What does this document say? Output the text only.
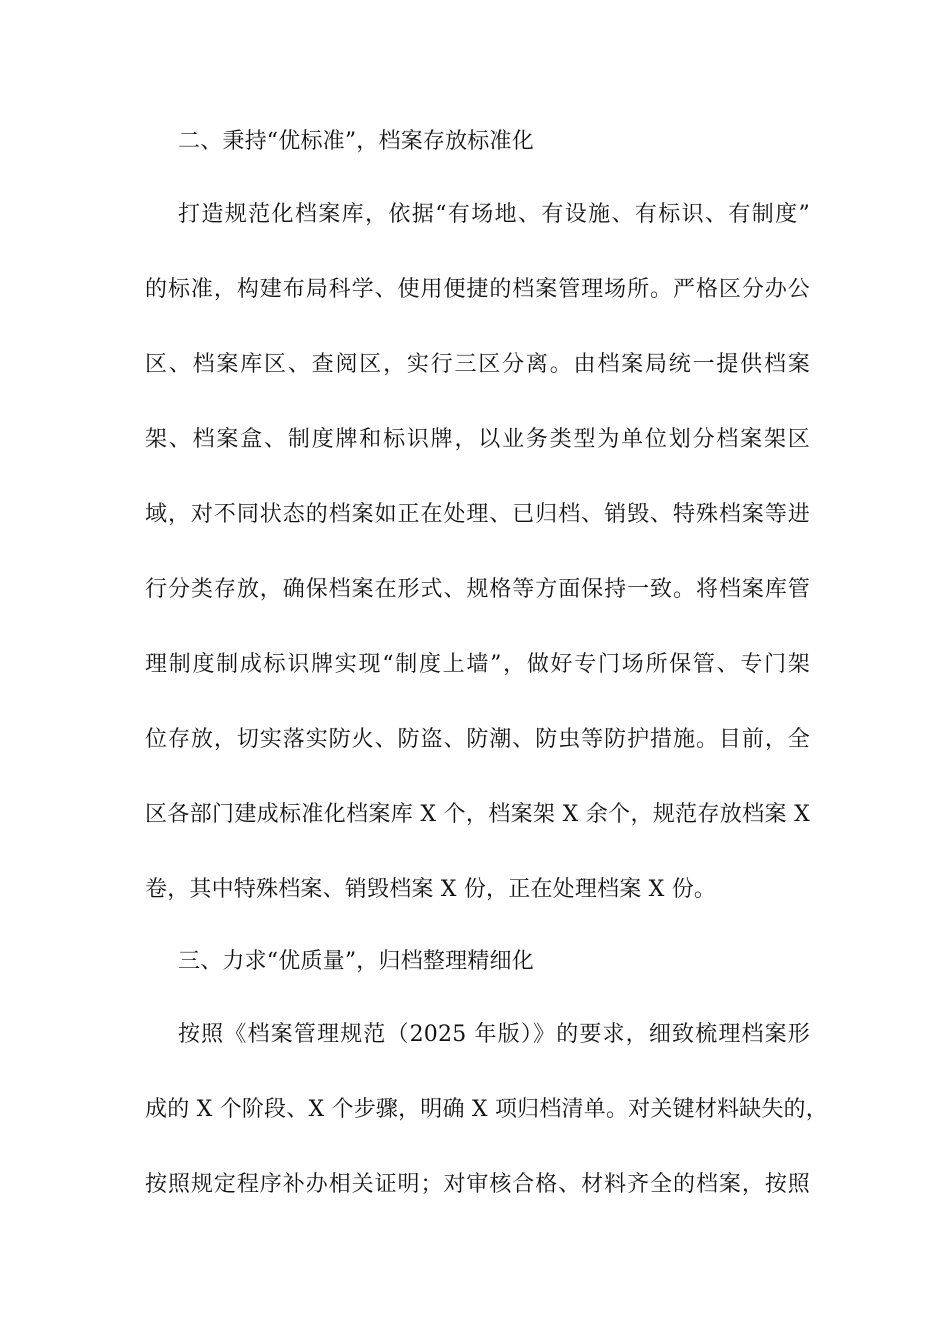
二、秉持“优标准”，档案存放标准化
打造规范化档案库，依据“有场地、有设施、有标识、有制度”
的标准，构建布局科学、使用便捷的档案管理场所。严格区分办公
区、档案库区、查阅区，实行三区分离。由档案局统一提供档案
架、档案盒、制度牌和标识牌，以业务类型为单位划分档案架区
域，对不同状态的档案如正在处理、已归档、销毁、特殊档案等进
行分类存放，确保档案在形式、规格等方面保持一致。将档案库管
理制度制成标识牌实现“制度上墙”，做好专门场所保管、专门架
位存放，切实落实防火、防盗、防潮、防虫等防护措施。目前，全
区各部门建成标准化档案库 X 个，档案架 X 余个，规范存放档案 X
卷，其中特殊档案、销毁档案 X 份，正在处理档案 X 份。
三、力求“优质量”，归档整理精细化
按照《档案管理规范（2025 年版）》的要求，细致梳理档案形
成的 X 个阶段、X 个步骤，明确 X 项归档清单。对关键材料缺失的，
按照规定程序补办相关证明；对审核合格、材料齐全的档案，按照
